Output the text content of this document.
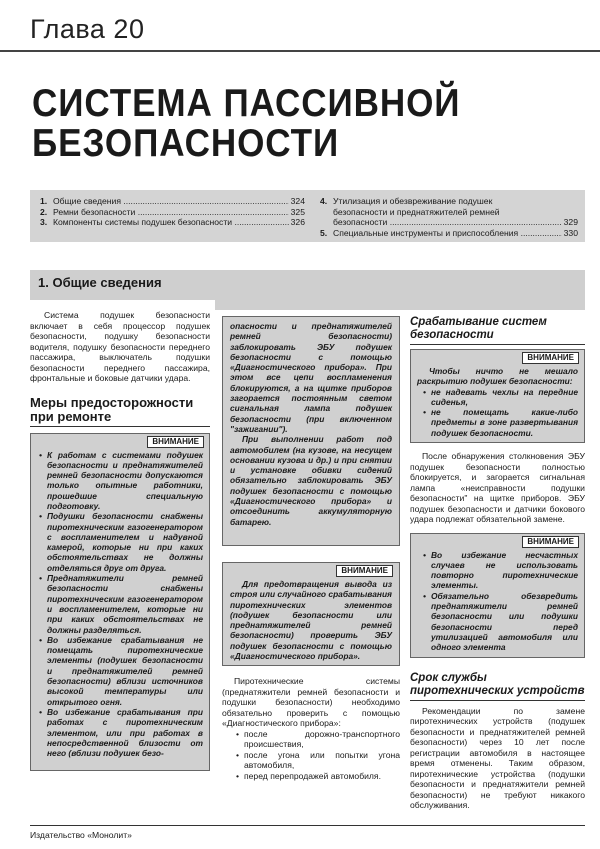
Глава 20
СИСТЕМА ПАССИВНОЙ
БЕЗОПАСНОСТИ
1. Общие сведения .....	324
2. Ремни безопасности .....	325
3. Компоненты системы подушек безопасности .....	326
4. Утилизация и обезвреживание подушек
безопасности и преднатяжителей ремней
безопасности .....	329
5. Специальные инструменты и приспособления .....	330
1. Общие сведения
Система подушек безопасности включает в себя процессор подушек безопасности, подушку безопасности водителя, подушку безопасности переднего пассажира, выключатель подушки безопасности переднего пассажира, фронтальные и боковые датчики удара.
Меры предосторожности при ремонте
ВНИМАНИЕ

• К работам с системами подушек безопасности и преднатяжителей ремней безопасности допускаются только опытные работники, прошедшие специальную подготовку.

• Подушки безопасности снабжены пиротехническим газогенератором с воспламенителем и надувной камерой, которые ни при каких обстоятельствах не должны отделяться друг от друга.

• Преднатяжители ремней безопасности снабжены пиротехническим газогенератором и воспламенителем, которые ни при каких обстоятельствах не должны разделяться.

• Во избежание срабатывания не помещать пиротехнические элементы (подушек безопасности и преднатяжителей ремней безопасности) вблизи источников высокой температуры или открытого огня.

• Во избежание срабатывания при работах с пиротехническим элементом, или при работах в непосредственной близости от него (вблизи подушек безо-

опасности и преднатяжителей ремней безопасности) заблокировать ЭБУ подушек безопасности с помощью «Диагностического прибора». При этом все цепи воспламенения блокируются, а на щитке приборов загорается постоянным светом сигнальная лампа подушек безопасности (при включенном "зажигании").

При выполнении работ под автомобилем (на кузове, на несущем основании кузова и др.) и при снятии и установке обивки сидений обязательно заблокировать ЭБУ подушек безопасности с помощью «Диагностического прибора» и отсоединить аккумуляторную батарею.

ВНИМАНИЕ

Для предотвращения вывода из строя или случайного срабатывания пиротехнических элементов (подушек безопасности или преднатяжителей ремней безопасности) проверить ЭБУ подушек безопасности с помощью «Диагностического прибора».

Пиротехнические системы (преднатяжители ремней безопасности и подушки безопасности) необходимо обязательно проверить с помощью «Диагностического прибора»:
• после дорожно-транспортного происшествия,
• после угона или попытки угона автомобиля,
• перед перепродажей автомобиля.
Срабатывание систем безопасности
ВНИМАНИЕ

Чтобы ничто не мешало раскрытию подушек безопасности:

• не надевать чехлы на передние сиденья,

• не помещать какие-либо предметы в зоне развертывания подушек безопасности.

После обнаружения столкновения ЭБУ подушек безопасности полностью блокируется, и загорается сигнальная лампа «неисправности подушки безопасности" на щитке приборов. ЭБУ подушек безопасности и датчики бокового удара подлежат обязательной замене.
ВНИМАНИЕ

• Во избежание несчастных случаев не использовать повторно пиротехнические элементы.

• Обязательно обезвредить преднатяжители ремней безопасности или подушки безопасности перед утилизацией автомобиля или одного элемента

Срок службы пиротехнических устройств
Рекомендации по замене пиротехнических устройств (подушек безопасности и преднатяжителей ремней безопасности) через 10 лет после регистрации автомобиля в настоящее время отменены. Таким образом, пиротехнические устройства (подушки безопасности и преднатяжители ремней безопасности) не требуют никакого обслуживания.
Издательство «Монолит»
